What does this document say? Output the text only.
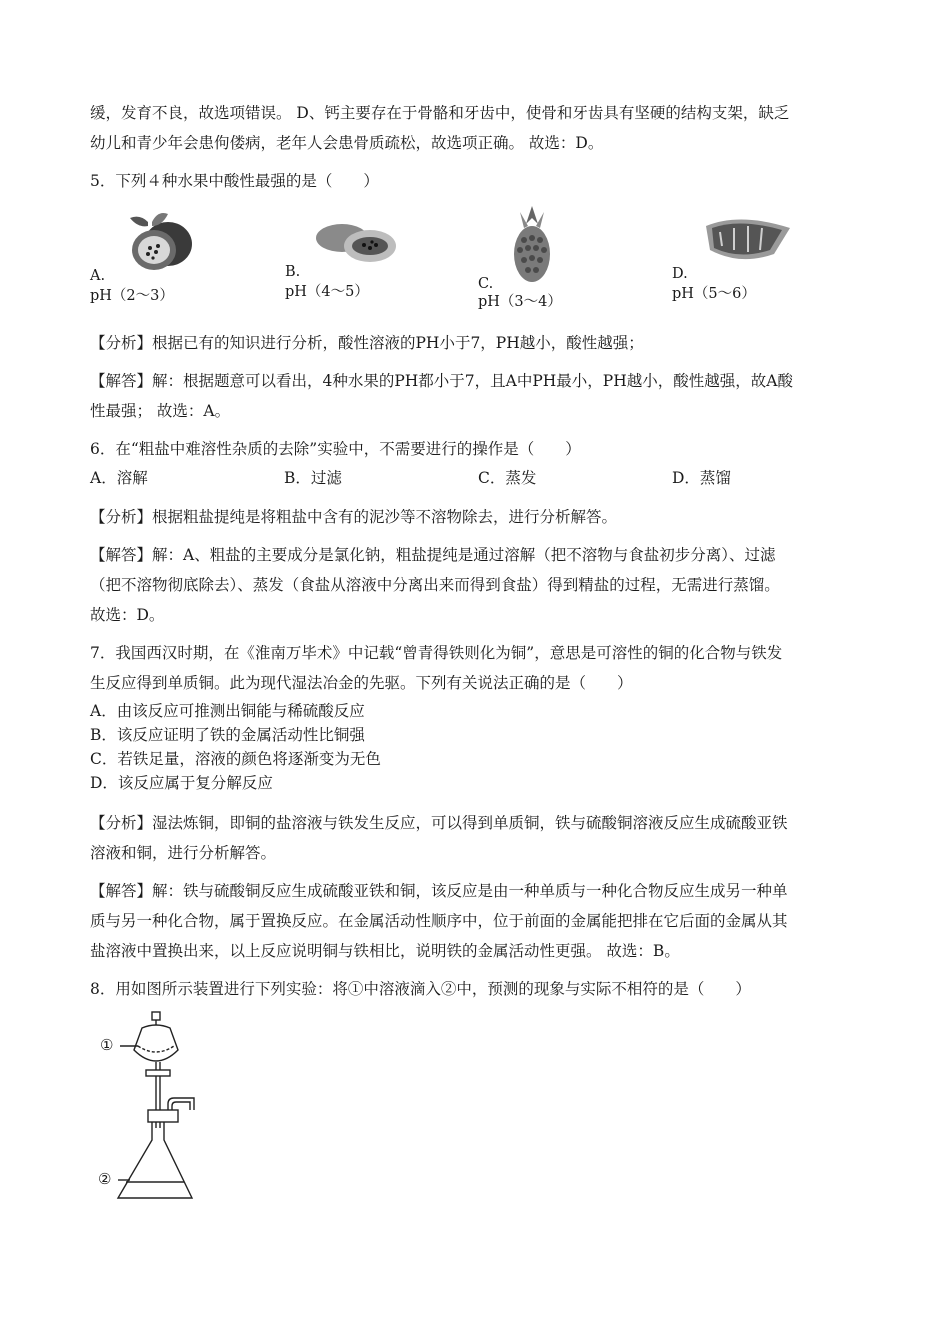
缓，发育不良，故选项错误。 D、钙主要存在于骨骼和牙齿中，使骨和牙齿具有坚硬的结构支架，缺乏
幼儿和青少年会患佝偻病，老年人会患骨质疏松，故选项正确。 故选：D。
5．下列４种水果中酸性最强的是（　　）
A.
pH（2～3）
B.
pH（4～5）	C.
pH（3～4）
D.
pH（5～6）
【分析】根据已有的知识进行分析，酸性溶液的PH小于7，PH越小，酸性越强；
【解答】解：根据题意可以看出，4种水果的PH都小于7，且A中PH最小，PH越小，酸性越强，故A酸
性最强； 故选：A。
6．在“粗盐中难溶性杂质的去除”实验中，不需要进行的操作是（　　）
A．溶解	B．过滤	C．蒸发	D．蒸馏
【分析】根据粗盐提纯是将粗盐中含有的泥沙等不溶物除去，进行分析解答。
【解答】解：A、粗盐的主要成分是氯化钠，粗盐提纯是通过溶解（把不溶物与食盐初步分离）、过滤
（把不溶物彻底除去）、蒸发（食盐从溶液中分离出来而得到食盐）得到精盐的过程，无需进行蒸馏。
故选：D。
7．我国西汉时期，在《淮南万毕术》中记载“曾青得铁则化为铜”，意思是可溶性的铜的化合物与铁发
生反应得到单质铜。此为现代湿法冶金的先驱。下列有关说法正确的是（　　）
A．由该反应可推测出铜能与稀硫酸反应
B．该反应证明了铁的金属活动性比铜强
C．若铁足量，溶液的颜色将逐渐变为无色
D．该反应属于复分解反应
【分析】湿法炼铜，即铜的盐溶液与铁发生反应，可以得到单质铜，铁与硫酸铜溶液反应生成硫酸亚铁
溶液和铜，进行分析解答。
【解答】解：铁与硫酸铜反应生成硫酸亚铁和铜，该反应是由一种单质与一种化合物反应生成另一种单
质与另一种化合物，属于置换反应。在金属活动性顺序中，位于前面的金属能把排在它后面的金属从其
盐溶液中置换出来，以上反应说明铜与铁相比，说明铁的金属活动性更强。 故选：B。
8．用如图所示装置进行下列实验：将①中溶液滴入②中，预测的现象与实际不相符的是（　　）
①
②
